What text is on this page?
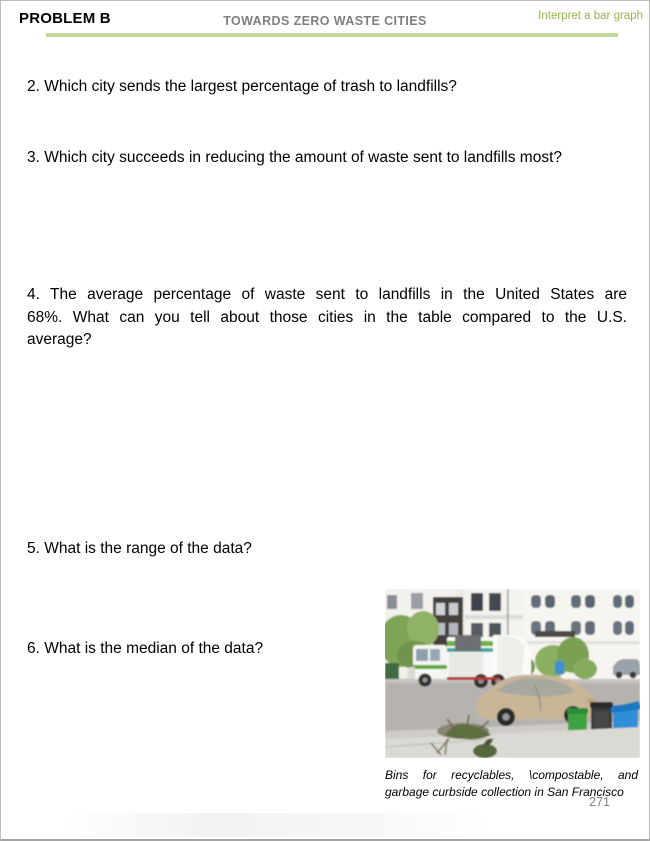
PROBLEM B	TOWARDS ZERO WASTE CITIES	Interpret a bar graph
2. Which city sends the largest percentage of trash to landfills?
3. Which city succeeds in reducing the amount of waste sent to landfills most?
4. The average percentage of waste sent to landfills in the United States are
68%. What can you tell about those cities in the table compared to the U.S.
average?
5. What is the range of the data?
6. What is the median of the data?
Bins for recyclables, \compostable, and
garbage curbside collection in San Francisco
271
